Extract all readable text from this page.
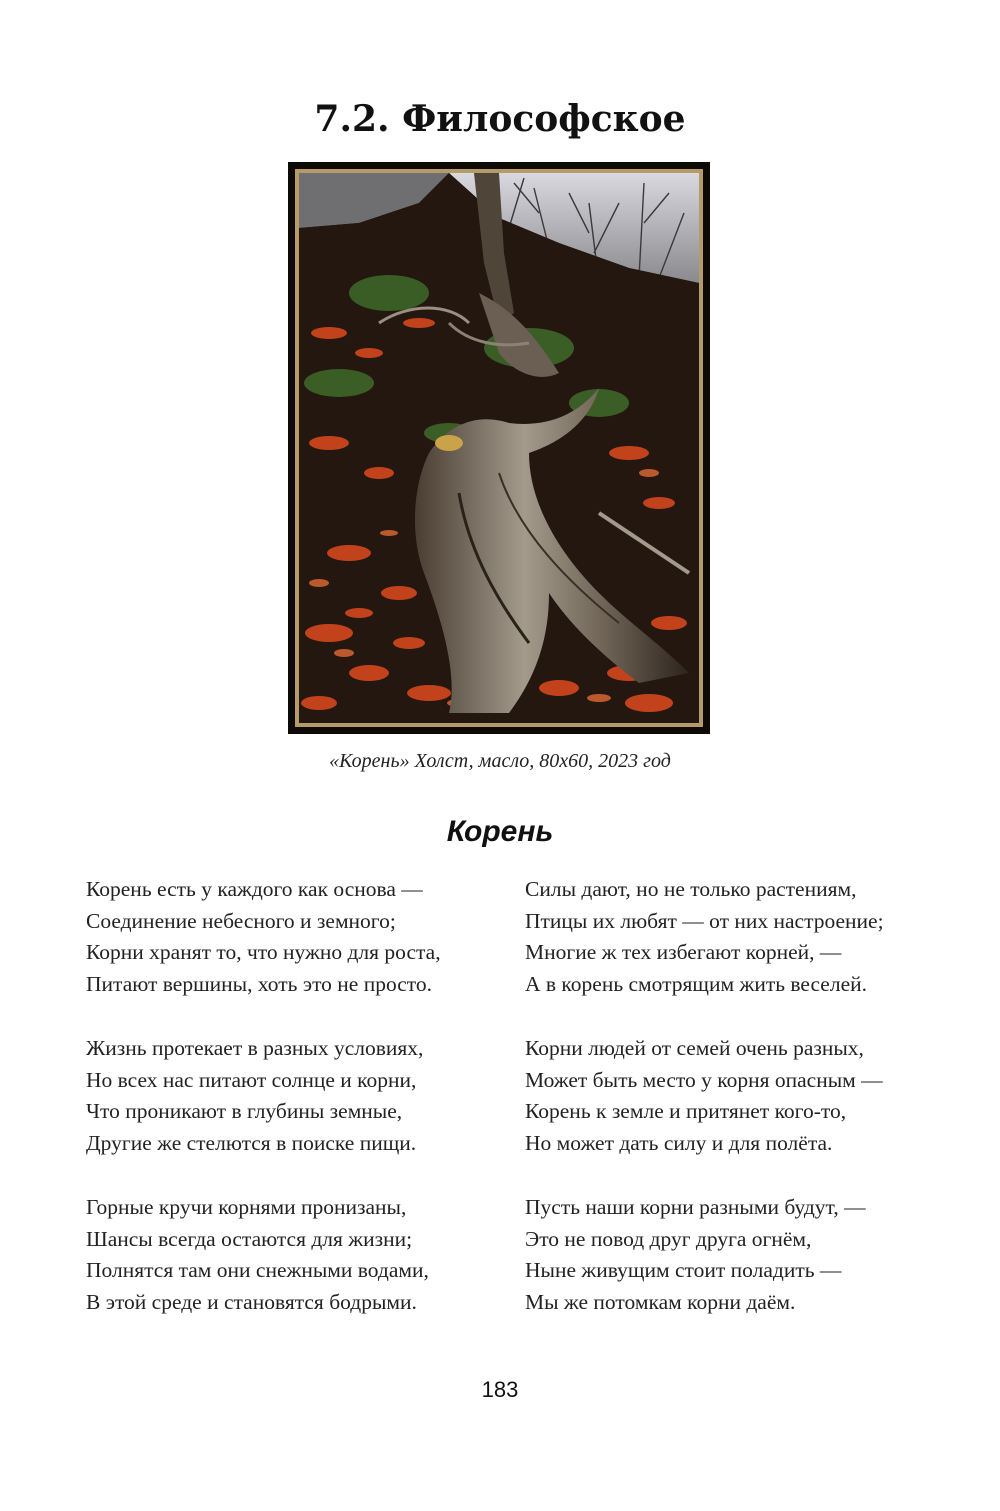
7.2. Философское
«Корень» Холст, масло, 80х60, 2023 год
Корень
Корень есть у каждого как основа —
Соединение небесного и земного;
Корни хранят то, что нужно для роста,
Питают вершины, хоть это не просто.
Жизнь протекает в разных условиях,
Но всех нас питают солнце и корни,
Что проникают в глубины земные,
Другие же стелются в поиске пищи.
Горные кручи корнями пронизаны,
Шансы всегда остаются для жизни;
Полнятся там они снежными водами,
В этой среде и становятся бодрыми.
Силы дают, но не только растениям,
Птицы их любят — от них настроение;
Многие ж тех избегают корней, —
А в корень смотрящим жить веселей.
Корни людей от семей очень разных,
Может быть место у корня опасным —
Корень к земле и притянет кого-то,
Но может дать силу и для полёта.
Пусть наши корни разными будут, —
Это не повод друг друга огнём,
Ныне живущим стоит поладить —
Мы же потомкам корни даём.
183
